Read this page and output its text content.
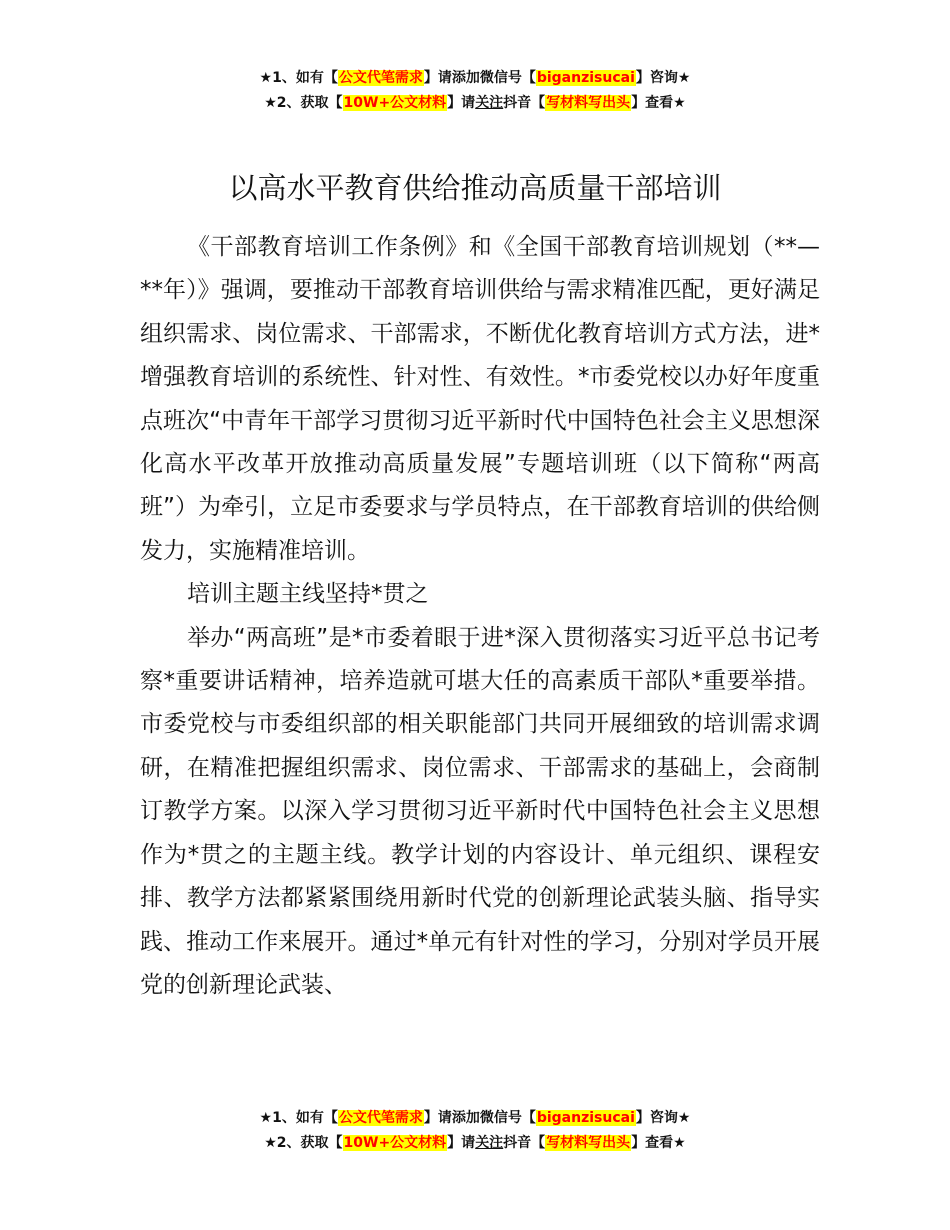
★1、如有【公文代笔需求】请添加微信号【biganzisucai】咨询★
★2、获取【10W+公文材料】请关注抖音【写材料写出头】查看★
以高水平教育供给推动高质量干部培训

《干部教育培训工作条例》和《全国干部教育培训规划（**—**年）》强调，要推动干部教育培训供给与需求精准匹配，更好满足组织需求、岗位需求、干部需求，不断优化教育培训方式方法，进*增强教育培训的系统性、针对性、有效性。*市委党校以办好年度重点班次“中青年干部学习贯彻习近平新时代中国特色社会主义思想深化高水平改革开放推动高质量发展”专题培训班（以下简称“两高班”）为牵引，立足市委要求与学员特点，在干部教育培训的供给侧发力，实施精准培训。

培训主题主线坚持*贯之

举办“两高班”是*市委着眼于进*深入贯彻落实习近平总书记考察*重要讲话精神，培养造就可堪大任的高素质干部队*重要举措。市委党校与市委组织部的相关职能部门共同开展细致的培训需求调研，在精准把握组织需求、岗位需求、干部需求的基础上，会商制订教学方案。以深入学习贯彻习近平新时代中国特色社会主义思想作为*贯之的主题主线。教学计划的内容设计、单元组织、课程安排、教学方法都紧紧围绕用新时代党的创新理论武装头脑、指导实践、推动工作来展开。通过*单元有针对性的学习，分别对学员开展党的创新理论武装、

★1、如有【公文代笔需求】请添加微信号【biganzisucai】咨询★
★2、获取【10W+公文材料】请关注抖音【写材料写出头】查看★
